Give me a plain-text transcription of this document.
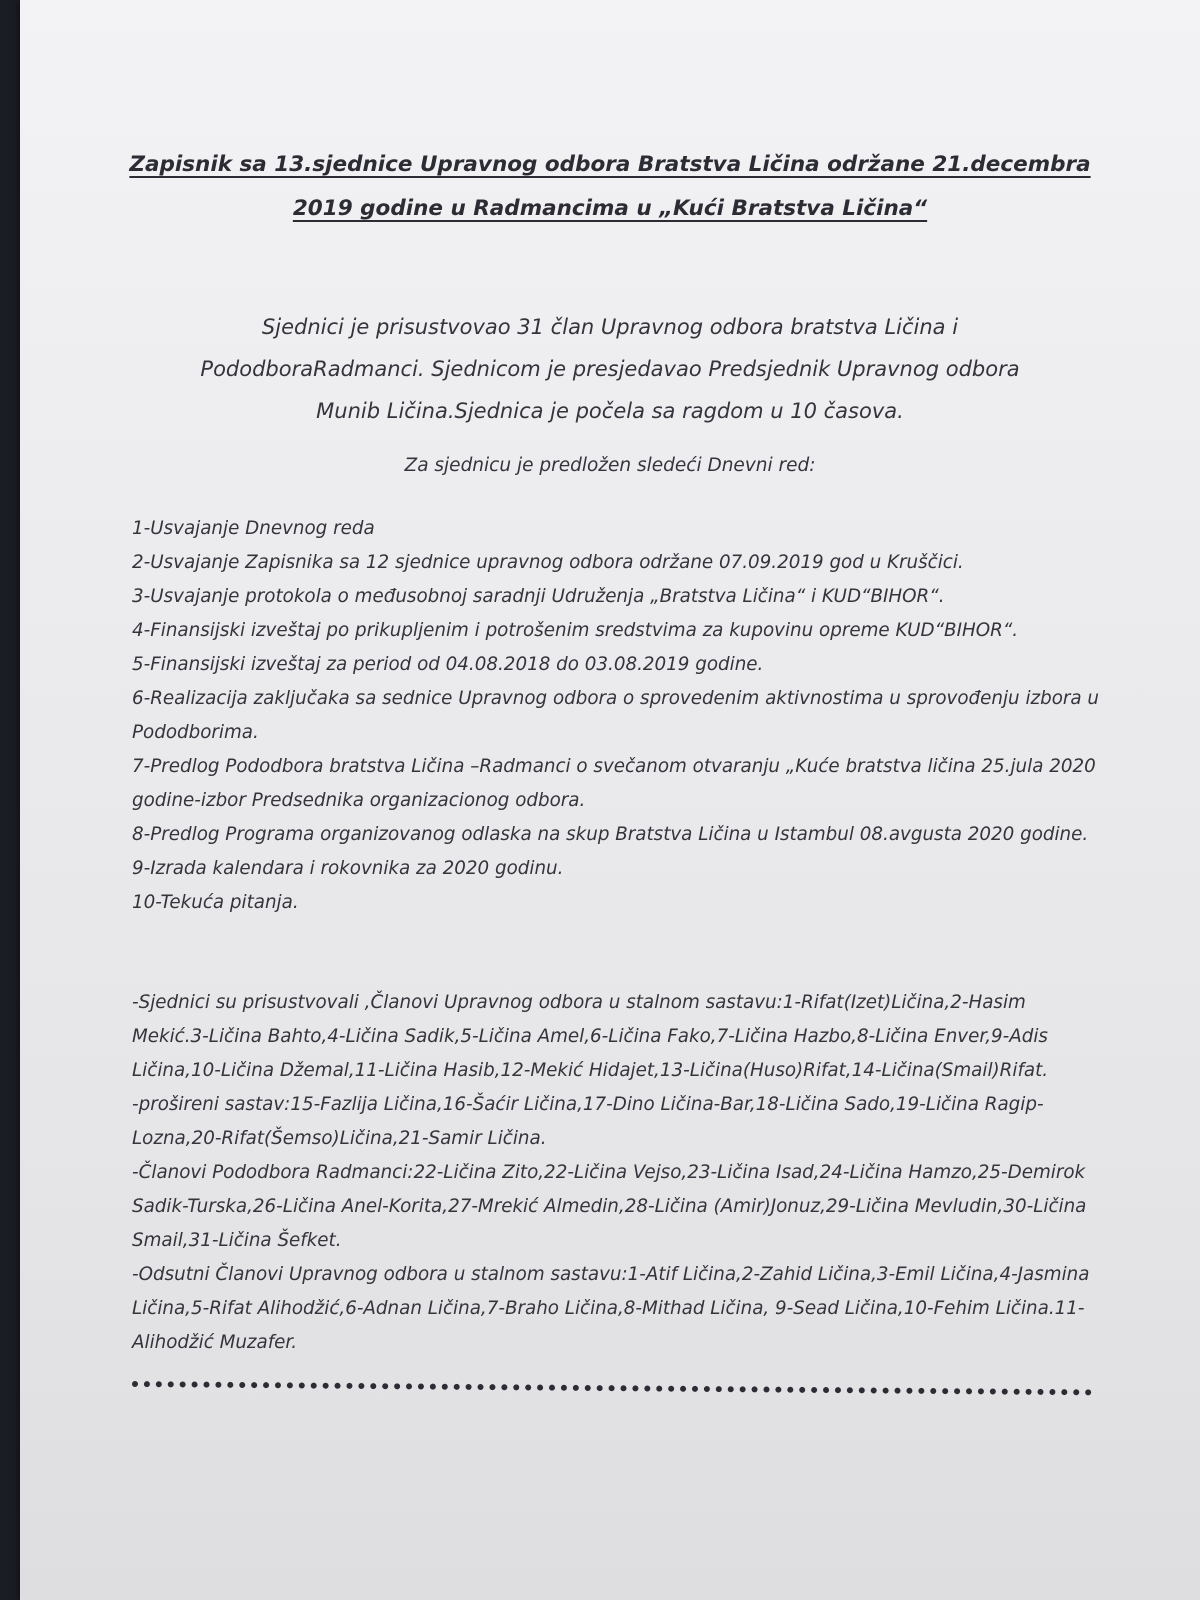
Zapisnik sa 13.sjednice Upravnog odbora Bratstva Ličina održane 21.decembra
2019 godine u Radmancima u „Kući Bratstva Ličina“
Sjednici je prisustvovao 31 član Upravnog odbora bratstva Ličina i
PododboraRadmanci. Sjednicom je presjedavao Predsjednik Upravnog odbora
Munib Ličina.Sjednica je počela sa ragdom u 10 časova.
Za sjednicu je predložen sledeći Dnevni red:
1-Usvajanje Dnevnog reda
2-Usvajanje Zapisnika sa 12 sjednice upravnog odbora održane 07.09.2019 god u Kruščici.
3-Usvajanje protokola o međusobnoj saradnji Udruženja „Bratstva Ličina“ i KUD“BIHOR“.
4-Finansijski izveštaj po prikupljenim i potrošenim sredstvima za kupovinu opreme KUD“BIHOR“.
5-Finansijski izveštaj za period od 04.08.2018 do 03.08.2019 godine.
6-Realizacija zaključaka sa sednice Upravnog odbora o sprovedenim aktivnostima u sprovođenju izbora u Pododborima.
7-Predlog Pododbora bratstva Ličina –Radmanci o svečanom otvaranju „Kuće bratstva ličina 25.jula 2020 godine-izbor Predsednika organizacionog odbora.
8-Predlog Programa organizovanog odlaska na skup Bratstva Ličina u Istambul 08.avgusta 2020 godine.
9-Izrada kalendara i rokovnika za 2020 godinu.
10-Tekuća pitanja.

-Sjednici su prisustvovali ,Članovi Upravnog odbora u stalnom sastavu:1-Rifat(Izet)Ličina,2-Hasim Mekić.3-Ličina Bahto,4-Ličina Sadik,5-Ličina Amel,6-Ličina Fako,7-Ličina Hazbo,8-Ličina Enver,9-Adis Ličina,10-Ličina Džemal,11-Ličina Hasib,12-Mekić Hidajet,13-Ličina(Huso)Rifat,14-Ličina(Smail)Rifat.

-prošireni sastav:15-Fazlija Ličina,16-Šaćir Ličina,17-Dino Ličina-Bar,18-Ličina Sado,19-Ličina Ragip-Lozna,20-Rifat(Šemso)Ličina,21-Samir Ličina.

-Članovi Pododbora Radmanci:22-Ličina Zito,22-Ličina Vejso,23-Ličina Isad,24-Ličina Hamzo,25-Demirok Sadik-Turska,26-Ličina Anel-Korita,27-Mrekić Almedin,28-Ličina (Amir)Jonuz,29-Ličina Mevludin,30-Ličina Smail,31-Ličina Šefket.

-Odsutni Članovi Upravnog odbora u stalnom sastavu:1-Atif Ličina,2-Zahid Ličina,3-Emil Ličina,4-Jasmina Ličina,5-Rifat Alihodžić,6-Adnan Ličina,7-Braho Ličina,8-Mithad Ličina, 9-Sead Ličina,10-Fehim Ličina.11-Alihodžić Muzafer.
